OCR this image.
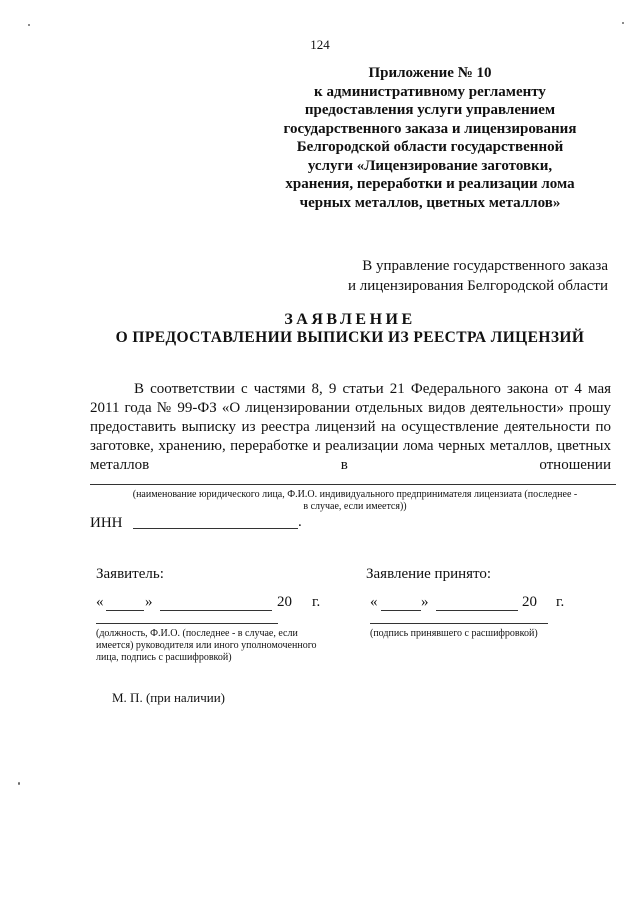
124
Приложение № 10
к административному регламенту
предоставления услуги управлением
государственного заказа и лицензирования
Белгородской области государственной
услуги «Лицензирование заготовки,
хранения, переработки и реализации лома
черных металлов, цветных металлов»
В управление государственного заказа
и лицензирования Белгородской области
ЗАЯВЛЕНИЕ
О ПРЕДОСТАВЛЕНИИ ВЫПИСКИ ИЗ РЕЕСТРА ЛИЦЕНЗИЙ
В соответствии с частями 8, 9 статьи 21 Федерального закона от 4 мая 2011 года № 99-ФЗ «О лицензировании отдельных видов деятельности» прошу предоставить выписку из реестра лицензий на осуществление деятельности по заготовке, хранению, переработке и реализации лома черных металлов, цветных металлов в отношении
(наименование юридического лица, Ф.И.О. индивидуального предпринимателя лицензиата (последнее -
в случае, если имеется))
ИНН	.
Заявитель:
«	»	20 г.
(должность, Ф.И.О. (последнее - в случае, если
имеется) руководителя или иного уполномоченного
лица, подпись с расшифровкой)
Заявление принято:
«	»	20 г.
(подпись принявшего с расшифровкой)
М. П. (при наличии)
